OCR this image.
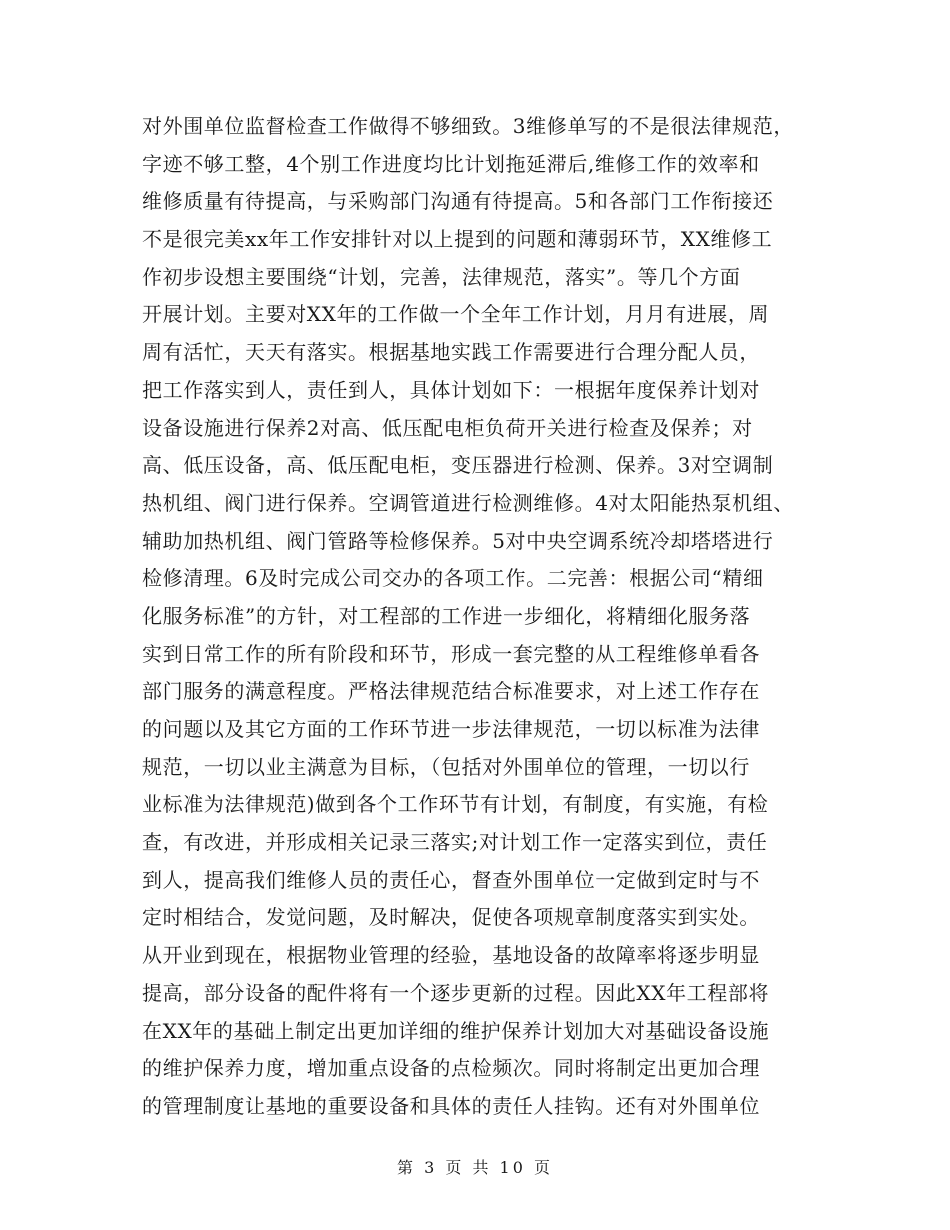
对外围单位监督检查工作做得不够细致。3维修单写的不是很法律规范，
字迹不够工整，4个别工作进度均比计划拖延滞后,维修工作的效率和
维修质量有待提高，与采购部门沟通有待提高。5和各部门工作衔接还
不是很完美xx年工作安排针对以上提到的问题和薄弱环节，XX维修工
作初步设想主要围绕“计划，完善，法律规范，落实”。等几个方面
开展计划。主要对XX年的工作做一个全年工作计划，月月有进展，周
周有活忙，天天有落实。根据基地实践工作需要进行合理分配人员，
把工作落实到人，责任到人，具体计划如下：一根据年度保养计划对
设备设施进行保养2对高、低压配电柜负荷开关进行检查及保养；对
高、低压设备，高、低压配电柜，变压器进行检测、保养。3对空调制
热机组、阀门进行保养。空调管道进行检测维修。4对太阳能热泵机组、
辅助加热机组、阀门管路等检修保养。5对中央空调系统冷却塔塔进行
检修清理。6及时完成公司交办的各项工作。二完善：根据公司“精细
化服务标准”的方针，对工程部的工作进一步细化，将精细化服务落
实到日常工作的所有阶段和环节，形成一套完整的从工程维修单看各
部门服务的满意程度。严格法律规范结合标准要求，对上述工作存在
的问题以及其它方面的工作环节进一步法律规范，一切以标准为法律
规范，一切以业主满意为目标，（包括对外围单位的管理，一切以行
业标准为法律规范)做到各个工作环节有计划，有制度，有实施，有检
查，有改进，并形成相关记录三落实;对计划工作一定落实到位，责任
到人，提高我们维修人员的责任心，督查外围单位一定做到定时与不
定时相结合，发觉问题，及时解决，促使各项规章制度落实到实处。
从开业到现在，根据物业管理的经验，基地设备的故障率将逐步明显
提高，部分设备的配件将有一个逐步更新的过程。因此XX年工程部将
在XX年的基础上制定出更加详细的维护保养计划加大对基础设备设施
的维护保养力度，增加重点设备的点检频次。同时将制定出更加合理
的管理制度让基地的重要设备和具体的责任人挂钩。还有对外围单位
第 3 页 共 10 页
